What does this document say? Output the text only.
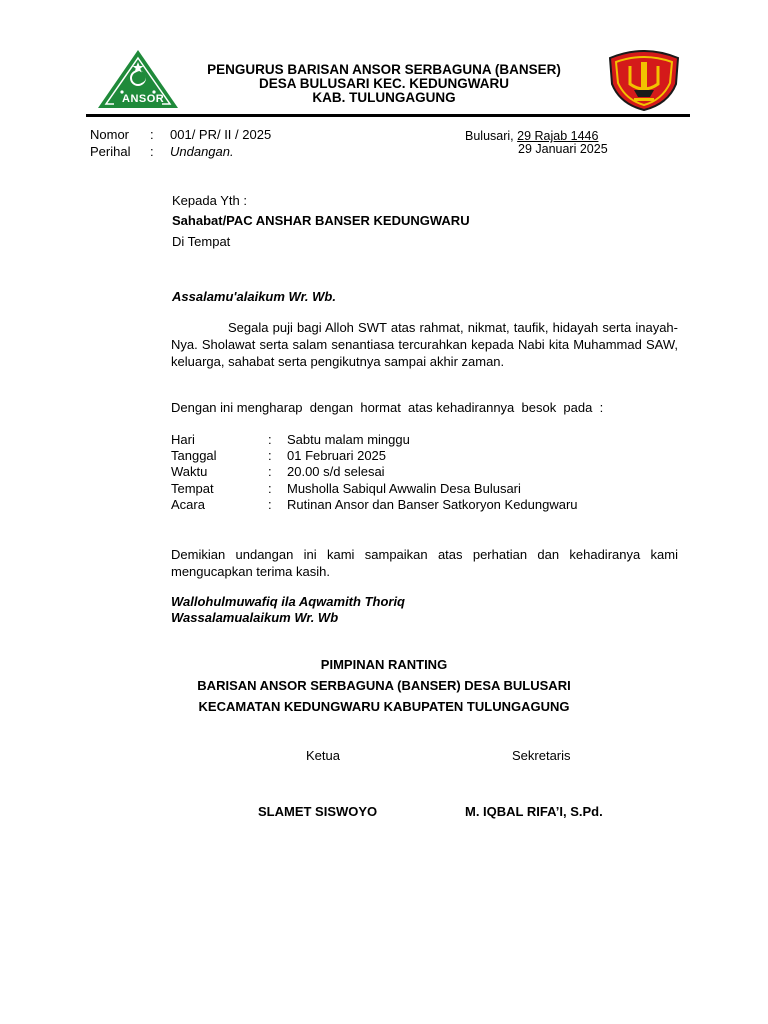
ANSOR
PENGURUS BARISAN ANSOR SERBAGUNA (BANSER)
DESA BULUSARI KEC. KEDUNGWARU
KAB. TULUNGAGUNG
Nomor : 001/ PR/ II / 2025
Perihal : Undangan.
Bulusari, 29 Rajab 1446
29 Januari 2025
Kepada Yth :
Sahabat/PAC ANSHAR BANSER KEDUNGWARU
Di Tempat
Assalamu'alaikum Wr. Wb.
Segala puji bagi Alloh SWT atas rahmat, nikmat, taufik, hidayah serta inayah-Nya. Sholawat serta salam senantiasa tercurahkan kepada Nabi kita Muhammad SAW, keluarga, sahabat serta pengikutnya sampai akhir zaman.
Dengan ini mengharap  dengan  hormat  atas kehadirannya  besok  pada  :
Hari	: Sabtu malam minggu
Tanggal	: 01 Februari 2025
Waktu	: 20.00 s/d selesai
Tempat	: Musholla Sabiqul Awwalin Desa Bulusari
Acara	: Rutinan Ansor dan Banser Satkoryon Kedungwaru
Demikian undangan ini kami sampaikan atas perhatian dan kehadiranya kami mengucapkan terima kasih.
Wallohulmuwafiq ila Aqwamith Thoriq
Wassalamualaikum Wr. Wb
PIMPINAN RANTING
BARISAN ANSOR SERBAGUNA (BANSER) DESA BULUSARI
KECAMATAN KEDUNGWARU KABUPATEN TULUNGAGUNG
Ketua	Sekretaris
SLAMET SISWOYO	M. IQBAL RIFA’I, S.Pd.
